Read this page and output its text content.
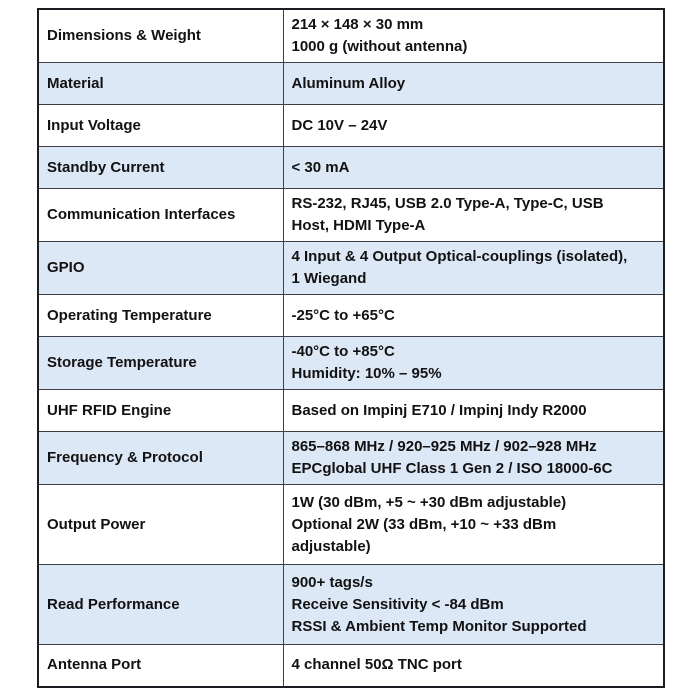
Dimensions & Weight	214 × 148 × 30 mm
1000 g (without antenna)

Material	Aluminum Alloy

Input Voltage	DC 10V – 24V

Standby Current	< 30 mA

Communication Interfaces	RS-232, RJ45, USB 2.0 Type-A, Type-C, USB
Host, HDMI Type-A

GPIO	4 Input & 4 Output Optical-couplings (isolated),
1 Wiegand

Operating Temperature	-25°C to +65°C

Storage Temperature	-40°C to +85°C
Humidity: 10% – 95%

UHF RFID Engine	Based on Impinj E710 / Impinj Indy R2000

Frequency & Protocol	865–868 MHz / 920–925 MHz / 902–928 MHz
EPCglobal UHF Class 1 Gen 2 / ISO 18000-6C

Output Power	1W (30 dBm, +5 ~ +30 dBm adjustable)
Optional 2W (33 dBm, +10 ~ +33 dBm
adjustable)

Read Performance	900+ tags/s
Receive Sensitivity < -84 dBm
RSSI & Ambient Temp Monitor Supported

Antenna Port	4 channel 50Ω TNC port
